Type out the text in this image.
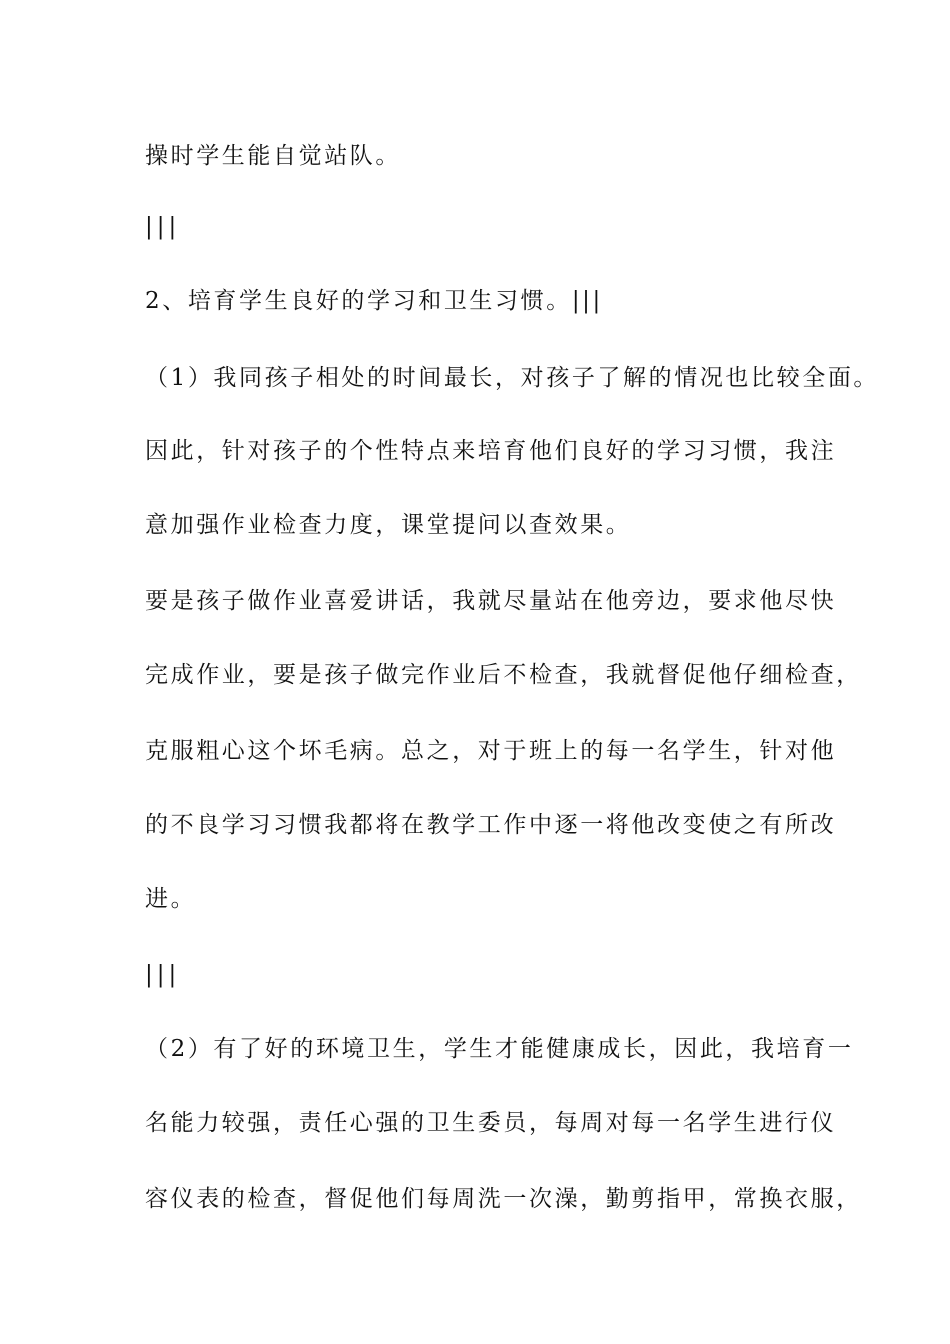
操时学生能自觉站队。
|||
2、培育学生良好的学习和卫生习惯。|||
（1）我同孩子相处的时间最长，对孩子了解的情况也比较全面。
因此，针对孩子的个性特点来培育他们良好的学习习惯，我注
意加强作业检查力度，课堂提问以查效果。
要是孩子做作业喜爱讲话，我就尽量站在他旁边，要求他尽快
完成作业，要是孩子做完作业后不检查，我就督促他仔细检查，
克服粗心这个坏毛病。总之，对于班上的每一名学生，针对他
的不良学习习惯我都将在教学工作中逐一将他改变使之有所改
进。
|||
（2）有了好的环境卫生，学生才能健康成长，因此，我培育一
名能力较强，责任心强的卫生委员，每周对每一名学生进行仪
容仪表的检查，督促他们每周洗一次澡，勤剪指甲，常换衣服，
